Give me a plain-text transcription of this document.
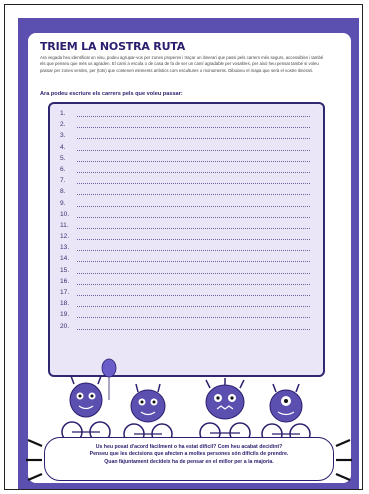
TRIEM LA NOSTRA RUTA
Ara vegada heu identificat un visu, podeu agrupar-vos per zones properes i traçar un itinerari que passi pels carrers més segurs, accessibles i també els que penseu que més us agraden. El camí a escola o de casa de fa de ser un camí agradable per vosaltres, per això heu pensat també si voleu passar per zones verdes, per (tots) que contenen elements artístics com escultures o monuments. Dibuixeu el mapa que serà el vostre itinerari.
Ara podeu escriure els carrers pels que voleu passar:
1.
2.
3.
4.
5.
6.
7.
8.
9.
10.
11.
12.
13.
14.
15.
16.
17.
18.
19.
20.

Us heu posat d'acord fàcilment o ha estat difícil? Com heu acabat decidint?

Penseu que les decisions que afecten a moltes persones són difícils de prendre.

Quan fàjuntament decideix ha de pensar en el millor per a la majoria.
